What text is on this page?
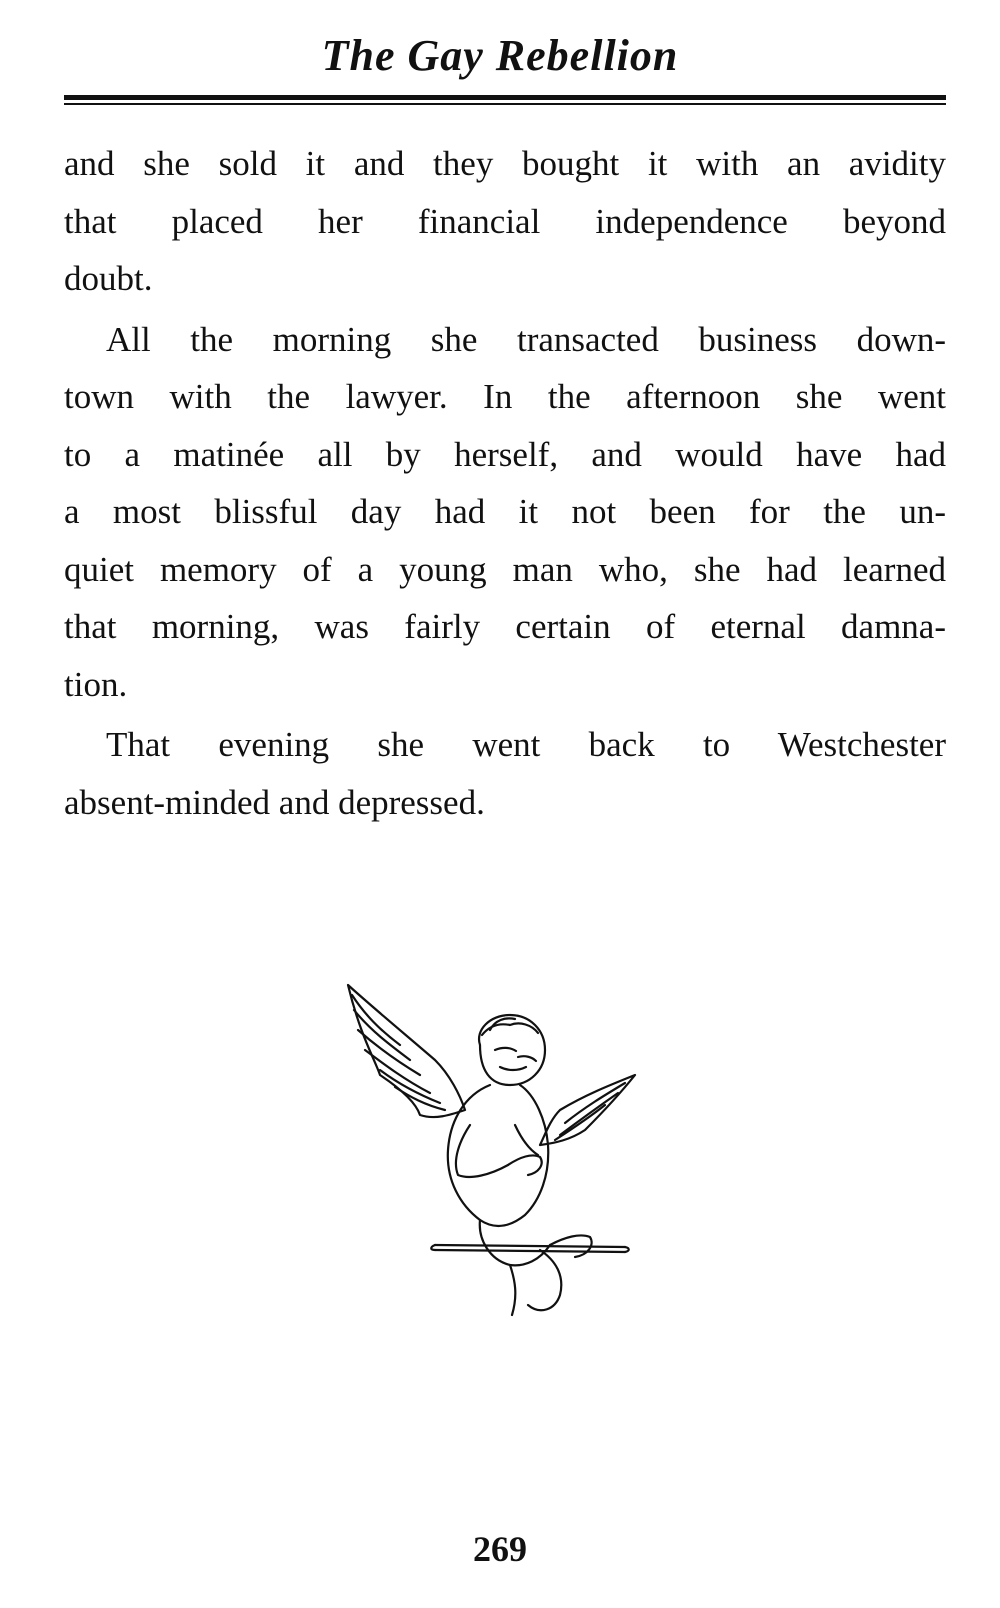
The Gay Rebellion
and she sold it and they bought it with an avidity
that placed her financial independence beyond
doubt.
All the morning she transacted business down-
town with the lawyer. In the afternoon she went
to a matinée all by herself, and would have had
a most blissful day had it not been for the un-
quiet memory of a young man who, she had learned
that morning, was fairly certain of eternal damna-
tion.
That evening she went back to Westchester
absent-minded and depressed.
269
